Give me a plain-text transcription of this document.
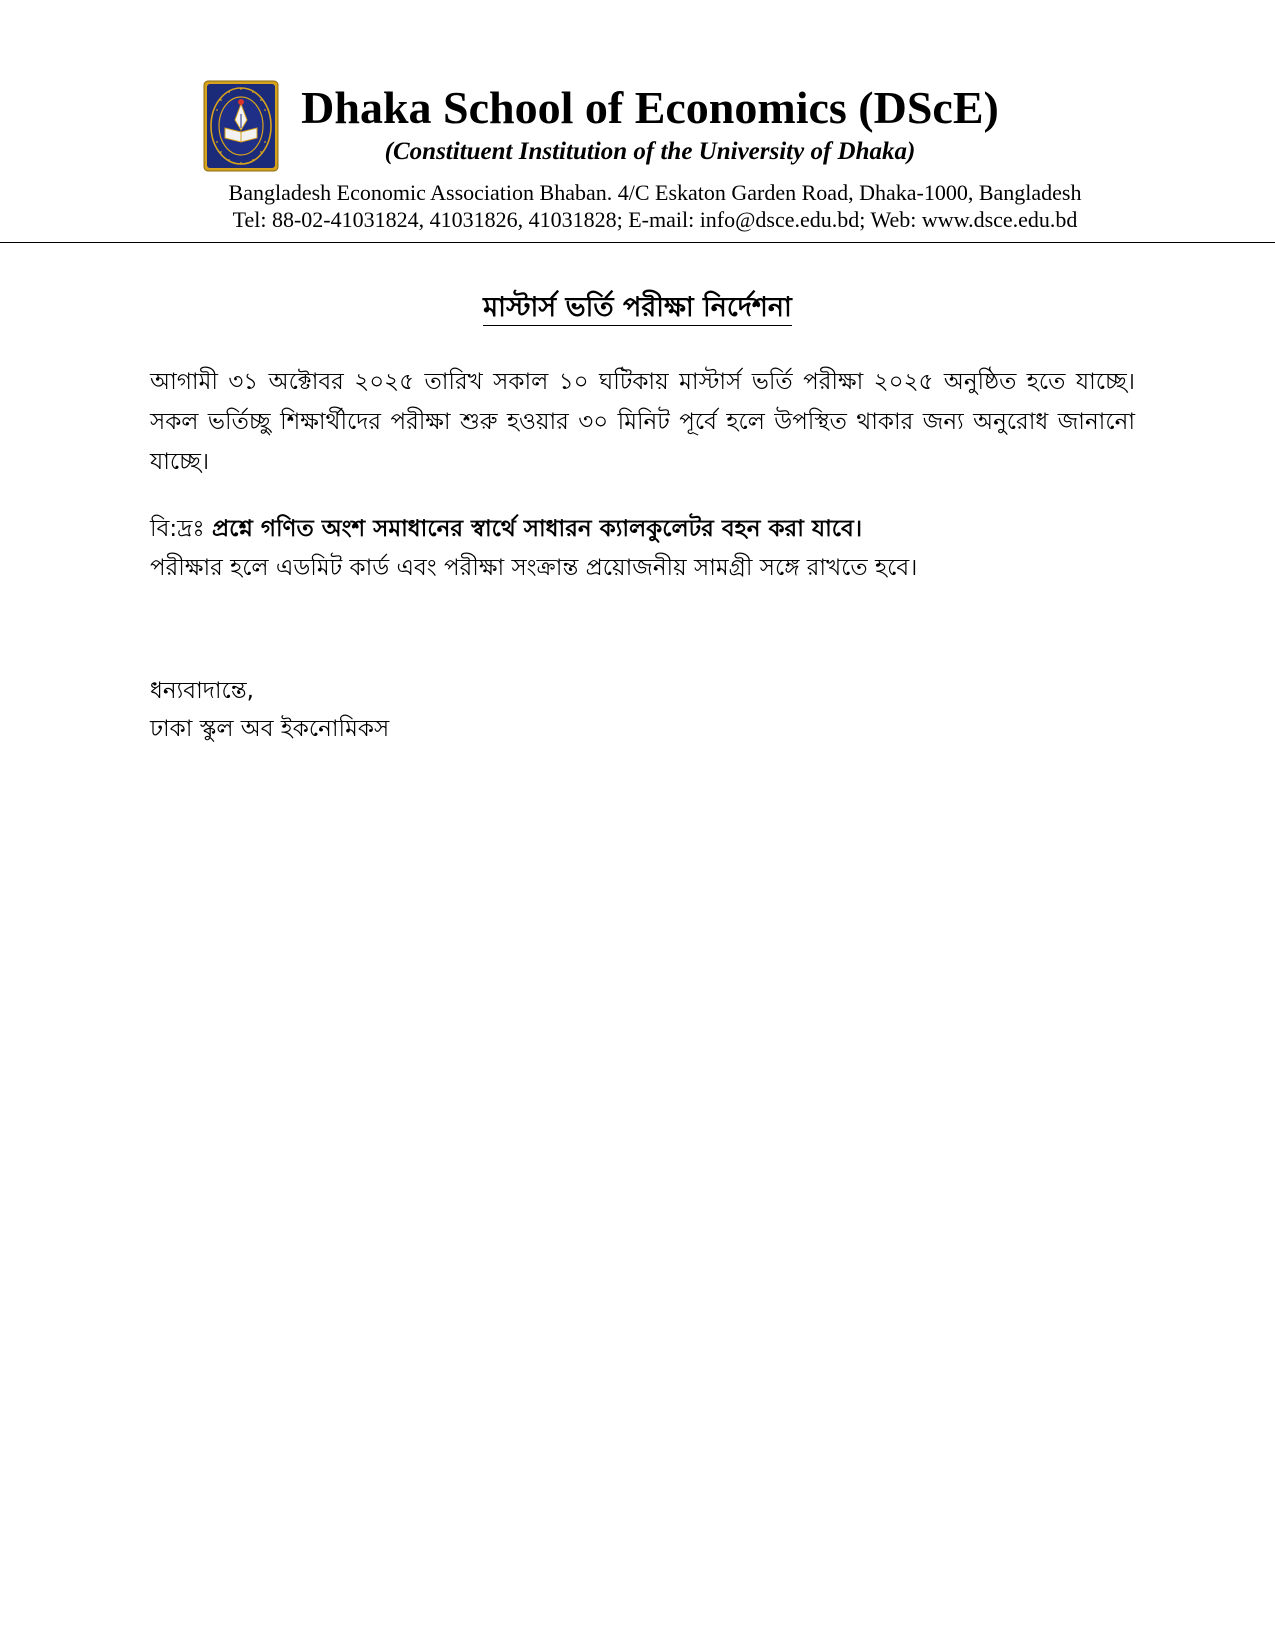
Dhaka School of Economics (DScE)
(Constituent Institution of the University of Dhaka)
Bangladesh Economic Association Bhaban. 4/C Eskaton Garden Road, Dhaka-1000, Bangladesh
Tel: 88-02-41031824, 41031826, 41031828; E-mail: info@dsce.edu.bd; Web: www.dsce.edu.bd
মাস্টার্স ভর্তি পরীক্ষা নির্দেশনা
আগামী ৩১ অক্টোবর ২০২৫ তারিখ সকাল ১০ ঘটিকায় মাস্টার্স ভর্তি পরীক্ষা ২০২৫ অনুষ্ঠিত হতে যাচ্ছে। সকল ভর্তিচ্ছু শিক্ষার্থীদের পরীক্ষা শুরু হওয়ার ৩০ মিনিট পূর্বে হলে উপস্থিত থাকার জন্য অনুরোধ জানানো যাচ্ছে।
বি:দ্রঃ প্রশ্নে গণিত অংশ সমাধানের স্বার্থে সাধারন ক্যালকুলেটর বহন করা যাবে।
পরীক্ষার হলে এডমিট কার্ড এবং পরীক্ষা সংক্রান্ত প্রয়োজনীয় সামগ্রী সঙ্গে রাখতে হবে।
ধন্যবাদান্তে,
ঢাকা স্কুল অব ইকনোমিকস
